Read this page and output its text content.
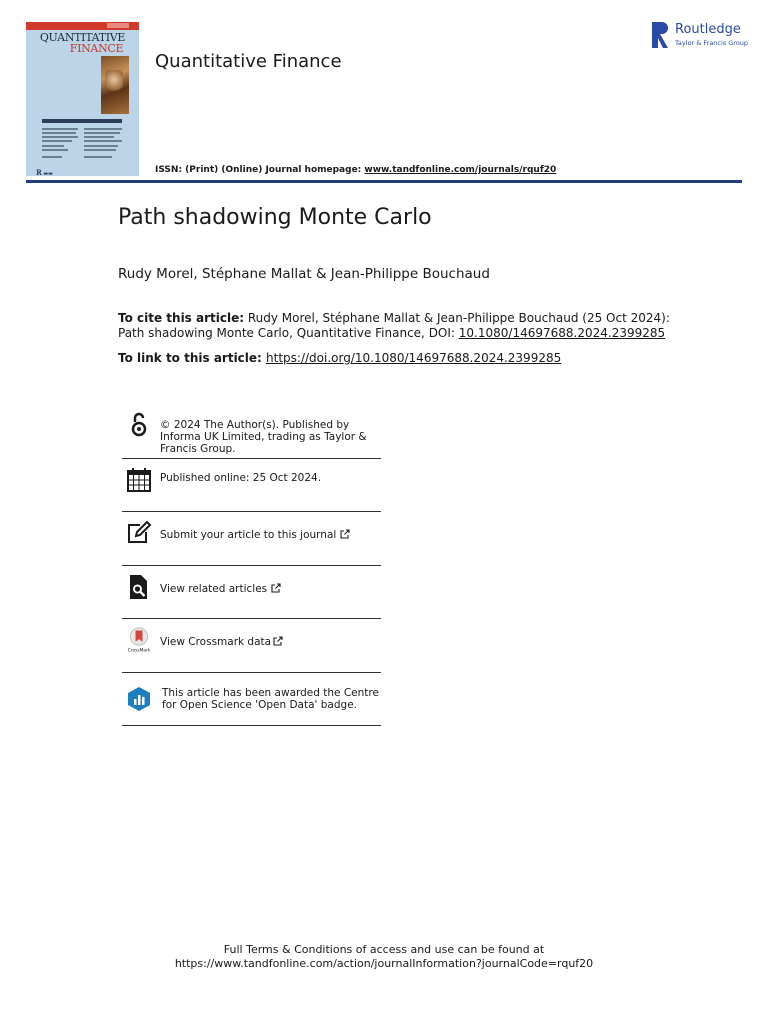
QUANTITATIVE
FINANCE
R ▬▬
Quantitative Finance
ISSN: (Print) (Online) Journal homepage: www.tandfonline.com/journals/rquf20
Routledge
Taylor & Francis Group
Path shadowing Monte Carlo
Rudy Morel, Stéphane Mallat & Jean-Philippe Bouchaud
To cite this article: Rudy Morel, Stéphane Mallat & Jean-Philippe Bouchaud (25 Oct 2024): Path shadowing Monte Carlo, Quantitative Finance, DOI: 10.1080/14697688.2024.2399285
To link to this article: https://doi.org/10.1080/14697688.2024.2399285
© 2024 The Author(s). Published by Informa UK Limited, trading as Taylor & Francis Group.
Published online: 25 Oct 2024.
Submit your article to this journal
View related articles
CrossMark
View Crossmark data
This article has been awarded the Centre for Open Science 'Open Data' badge.
Full Terms & Conditions of access and use can be found at
https://www.tandfonline.com/action/journalInformation?journalCode=rquf20
